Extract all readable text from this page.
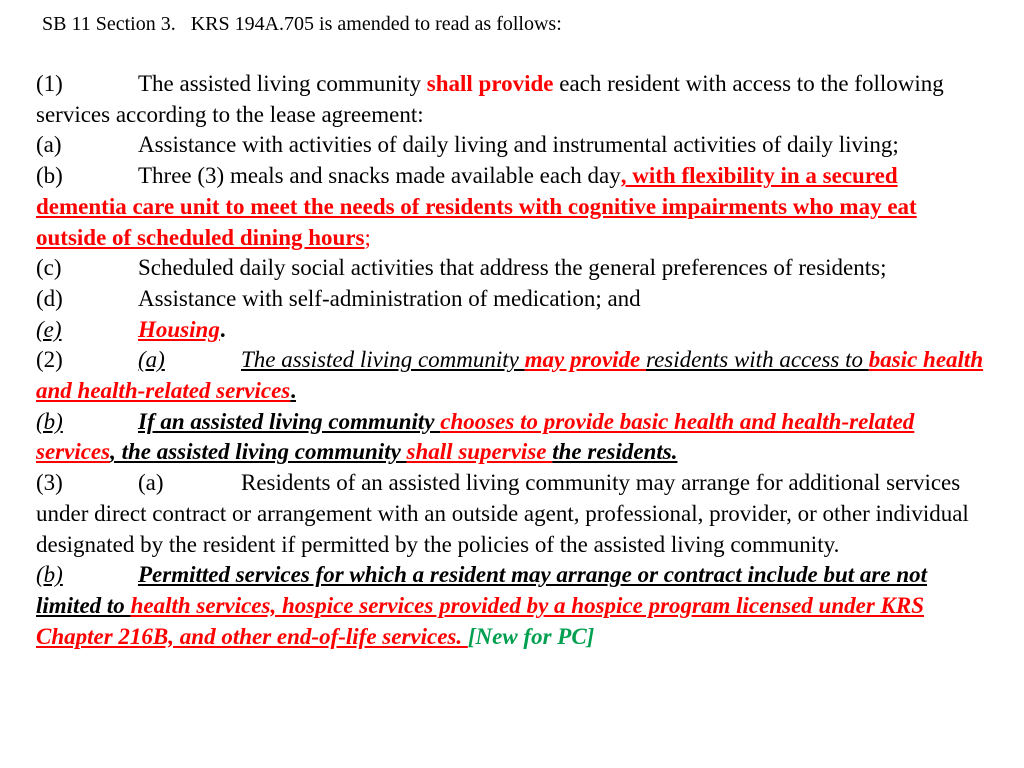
SB 11 Section 3.   KRS 194A.705 is amended to read as follows:

(1)	The assisted living community shall provide each resident with access to the following services according to the lease agreement:

(a)	Assistance with activities of daily living and instrumental activities of daily living;

(b)	Three (3) meals and snacks made available each day, with flexibility in a secured dementia care unit to meet the needs of residents with cognitive impairments who may eat outside of scheduled dining hours;

(c)	Scheduled daily social activities that address the general preferences of residents;

(d)	Assistance with self-administration of medication; and

(e)	Housing.

(2)	(a)	The assisted living community may provide residents with access to basic health and health-related services.

(b)	If an assisted living community chooses to provide basic health and health-related services, the assisted living community shall supervise the residents.

(3)	(a)	Residents of an assisted living community may arrange for additional services under direct contract or arrangement with an outside agent, professional, provider, or other individual designated by the resident if permitted by the policies of the assisted living community.

(b)	Permitted services for which a resident may arrange or contract include but are not limited to health services, hospice services provided by a hospice program licensed under KRS Chapter 216B, and other end-of-life services. [New for PC]
